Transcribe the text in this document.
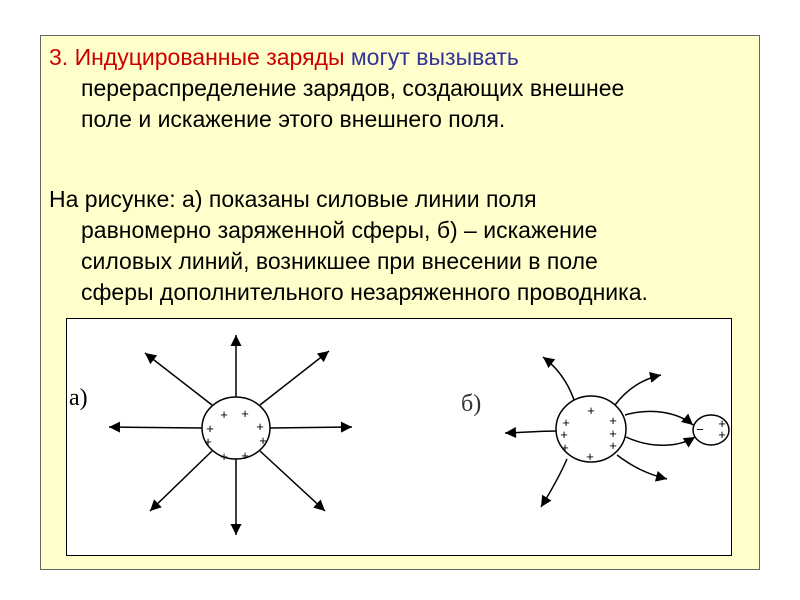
3. Индуцированные заряды могут вызывать
перераспределение зарядов, создающих внешнее
поле и искажение этого внешнего поля.
На рисунке: а) показаны силовые линии поля
равномерно заряженной сферы, б) – искажение
силовых линий, возникшее при внесении в поле
сферы дополнительного незаряженного проводника.
а)
+ +
+	+
+	+
+ +
б)	+
+	+
+	+
+	+
+
− +
+
